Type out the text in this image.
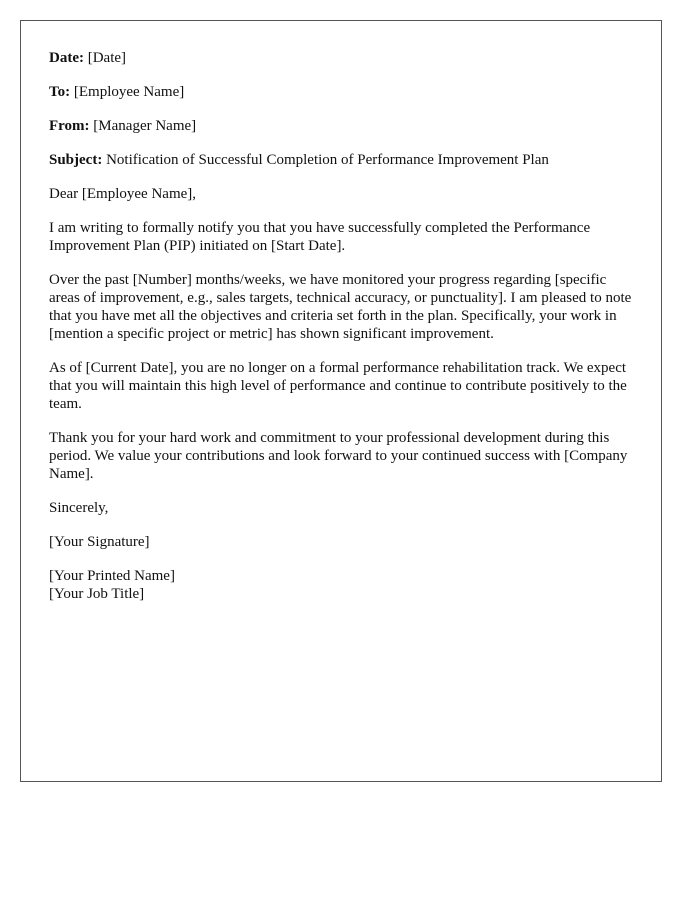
Date: [Date]

To: [Employee Name]

From: [Manager Name]

Subject: Notification of Successful Completion of Performance Improvement Plan

Dear [Employee Name],

I am writing to formally notify you that you have successfully completed the Performance Improvement Plan (PIP) initiated on [Start Date].

Over the past [Number] months/weeks, we have monitored your progress regarding [specific areas of improvement, e.g., sales targets, technical accuracy, or punctuality]. I am pleased to note that you have met all the objectives and criteria set forth in the plan. Specifically, your work in [mention a specific project or metric] has shown significant improvement.

As of [Current Date], you are no longer on a formal performance rehabilitation track. We expect that you will maintain this high level of performance and continue to contribute positively to the team.

Thank you for your hard work and commitment to your professional development during this period. We value your contributions and look forward to your continued success with [Company Name].

Sincerely,

[Your Signature]

[Your Printed Name]
[Your Job Title]
